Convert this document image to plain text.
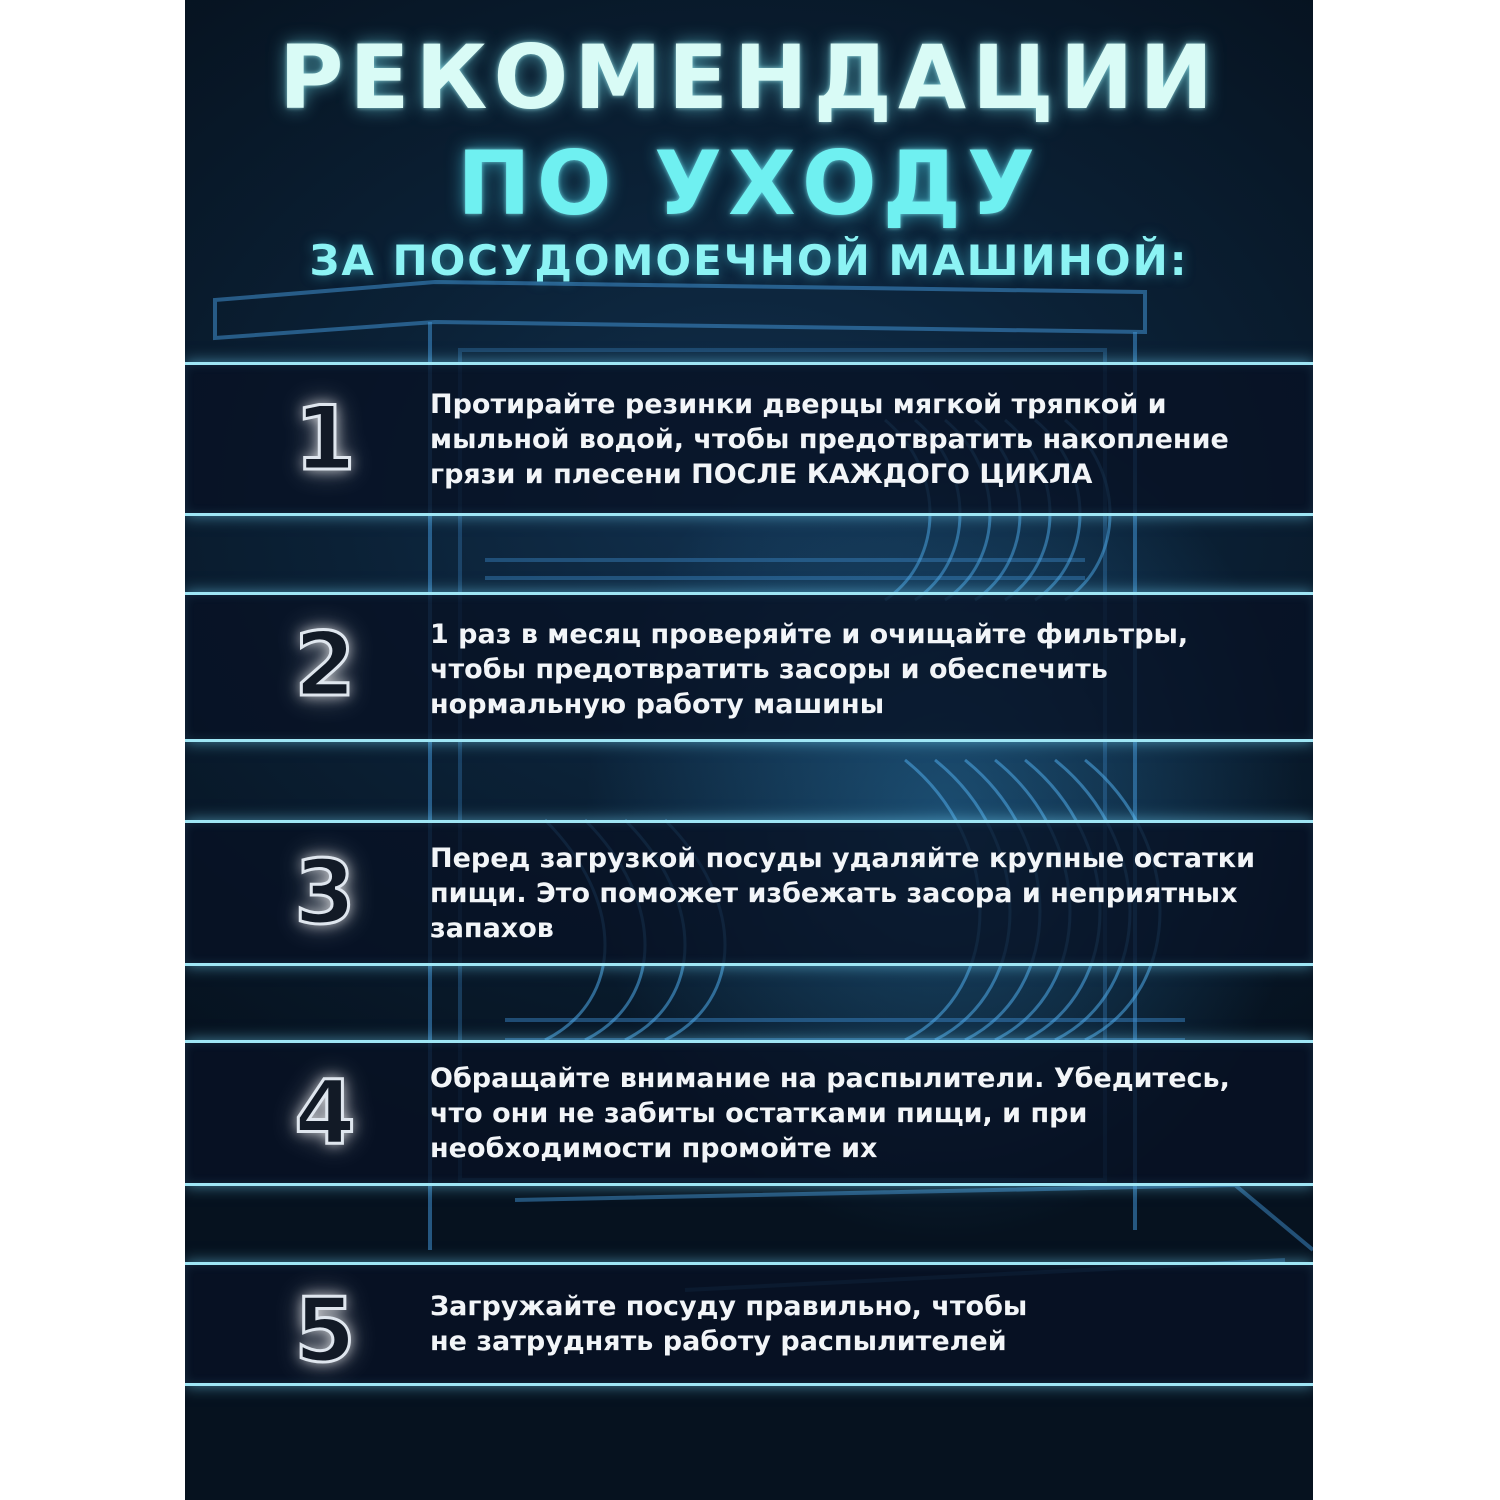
РЕКОМЕНДАЦИИ
ПО УХОДУ
ЗА ПОСУДОМОЕЧНОЙ МАШИНОЙ:
1	Протирайте резинки дверцы мягкой тряпкой и
мыльной водой, чтобы предотвратить накопление
грязи и плесени ПОСЛЕ КАЖДОГО ЦИКЛА

2	1 раз в месяц проверяйте и очищайте фильтры,
чтобы предотвратить засоры и обеспечить
нормальную работу машины

3	Перед загрузкой посуды удаляйте крупные остатки
пищи. Это поможет избежать засора и неприятных
запахов

4	Обращайте внимание на распылители. Убедитесь,
что они не забиты остатками пищи, и при
необходимости промойте их

5	Загружайте посуду правильно, чтобы
не затруднять работу распылителей
